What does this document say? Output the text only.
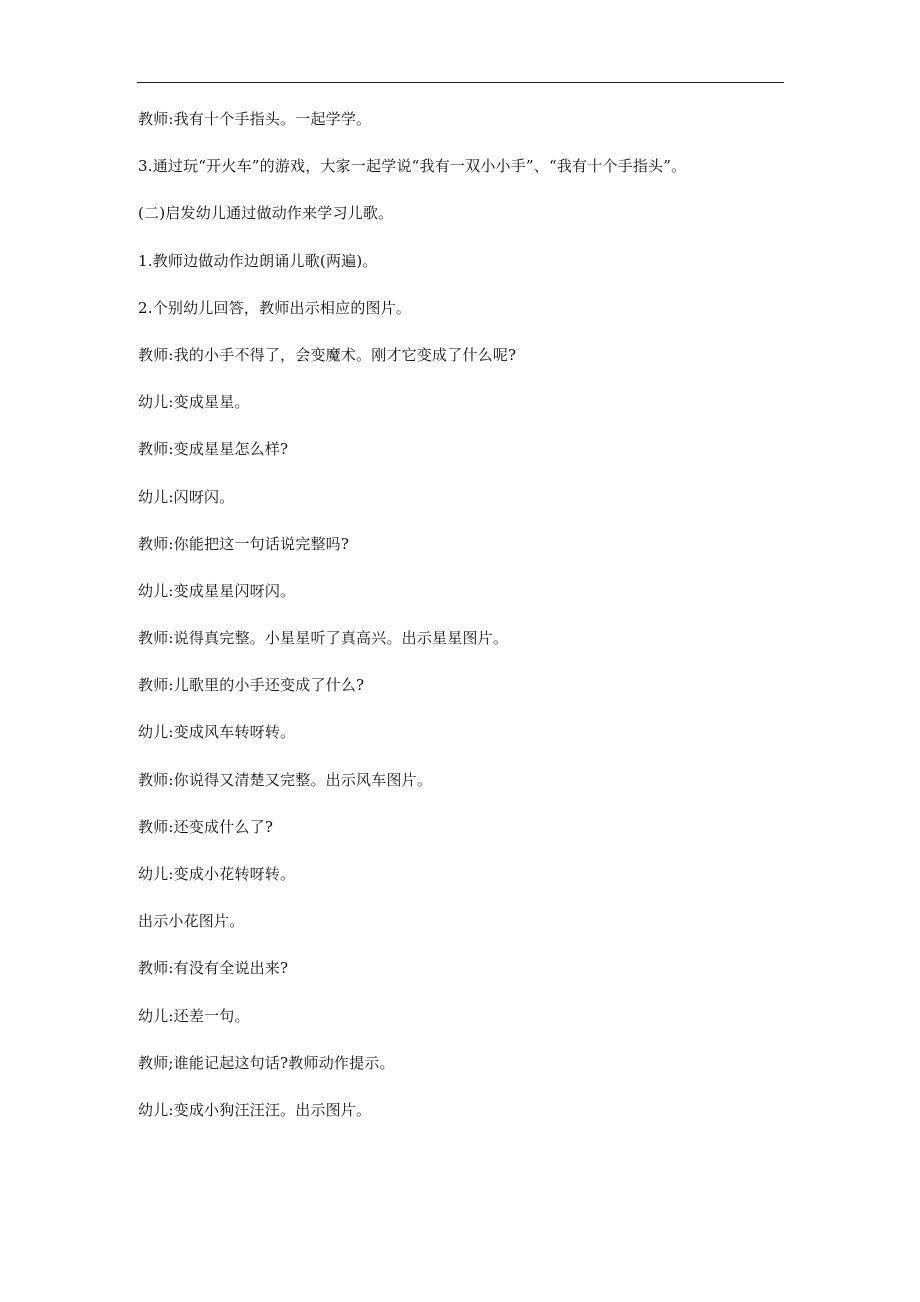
教师:我有十个手指头。一起学学。

3.通过玩“开火车”的游戏，大家一起学说“我有一双小小手”、“我有十个手指头”。

(二)启发幼儿通过做动作来学习儿歌。

1.教师边做动作边朗诵儿歌(两遍)。

2.个别幼儿回答，教师出示相应的图片。

教师:我的小手不得了，会变魔术。刚才它变成了什么呢?

幼儿:变成星星。

教师:变成星星怎么样?

幼儿:闪呀闪。

教师:你能把这一句话说完整吗?

幼儿:变成星星闪呀闪。

教师:说得真完整。小星星听了真高兴。出示星星图片。

教师:儿歌里的小手还变成了什么?

幼儿:变成风车转呀转。

教师:你说得又清楚又完整。出示风车图片。

教师:还变成什么了?

幼儿:变成小花转呀转。

出示小花图片。

教师:有没有全说出来?

幼儿:还差一句。

教师;谁能记起这句话?教师动作提示。

幼儿:变成小狗汪汪汪。出示图片。
